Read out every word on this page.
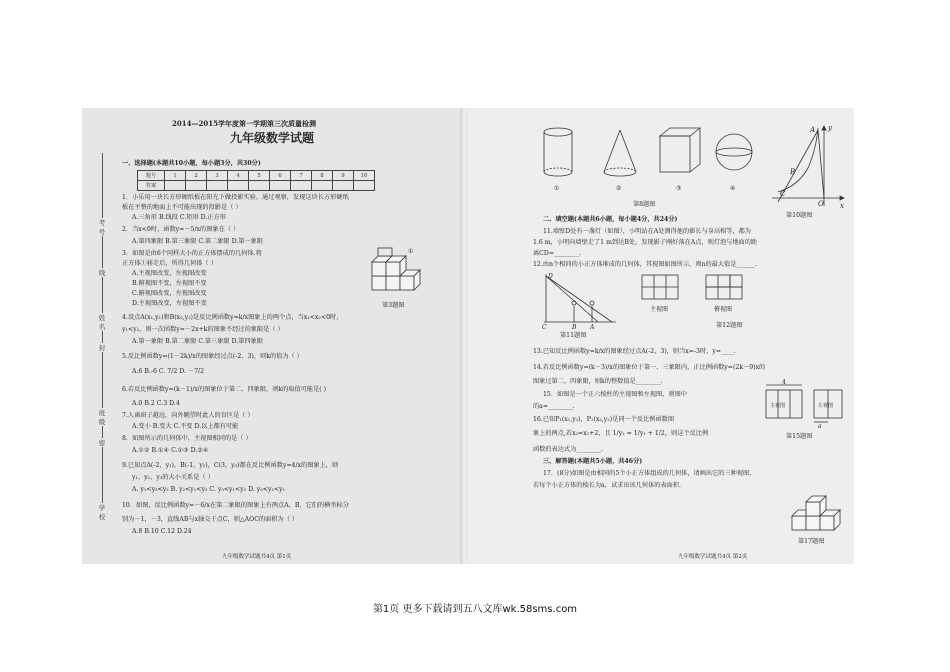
考号
线
姓名
封
班级
密
学校
2014—2015学年度第一学期第三次质量检测
九年级数学试题
一、选择题(本题共10小题，每小题3分，共30分)
题号	1	2	3	4	5	6	7	8	9	10
答案										
1．小乐用一块长方形硬纸板在阳光下做投影实验，通过观察，发现这块长方形硬纸
板在平整的地面上不可能出现的投影是（ ）
A.三角形 B.线段 C.矩形 D.正方形
2．当x<0时，函数y=－5/x的图象在（ ）
A.第四象限 B.第三象限 C.第二象限 D.第一象限
3．如图是由6个同样大小的正方体摆成的几何体.将
正方体①移走后，所得几何体（ ）
A.主视图改变，左视图改变
B.俯视图不变，左视图不变
C.俯视图改变，左视图改变
D.主视图改变，左视图不变
①
第3题图
4.设点A(x₁,y₁)和B(x₂,y₂)是反比例函数y=k/x图象上的两个点，当x₁<x₂<0时，
y₁<y₂，则一次函数y=－2x+k的图象不经过的象限是（ ）
A.第一象限 B.第二象限 C.第三象限 D.第四象限
5.反比例函数y=(1－2k)/x的图象经过点(-2，3)，则k的值为（ ）
A.6 B.-6 C. 7/2 D. －7/2
6.若反比例函数y=(k－1)/x的图象位于第二、四象限，则k的取值可能是( )
A.0 B.2 C.3 D.4
7.人离窗子越远，向外眺望时此人的盲区是（ ）
A.变小 B.变大 C.不变 D.以上都有可能
8．如图所示的几何体中，主视图相同的是（ ）
A.①② B.①④ C.①③ D.②④
9.已知点A(-2，y₁)，B(-1，y₂)，C(3，y₃)都在反比例函数y=4/x的图象上，则
y₁、y₂、y₃的大小关系是（ ）
A. y₁<y₃<y₂ B. y₂<y₁<y₃ C. y₃<y₁<y₂ D. y₃<y₂<y₁
10．如图，反比例函数y=－6/x在第二象限的图象上有两点A、B，它们的横坐标分
别为－1，－3，直线AB与x轴交于点C，则△AOC的面积为（ ）
A.8 B.10 C.12 D.24
九年级数学试题共4页 第1页
①	②	③	④
第8题图
A y
B
C
O x
第10题图
二、填空题(本题共6小题，每小题4分，共24分)
11.墙壁D处有一盏灯（如图），小明站在A处测得他的影长与身高相等，都为
1.6 m，小明向墙壁走了1 m到达B处，发现影子刚好落在A点，则灯泡与地面的距
离CD=________.
12.由n个相同的小正方体堆成的几何体，其视图如图所示，则n的最大值是______.
D
C	B A
第11题图
主视图	俯视图
第12题图
13.已知反比例函数y=k/x的图象经过点A(-2，3)，则当x=-3时，y=____.
14.若反比例函数y=(k－3)/x的图象位于第一、三象限内，正比例函数y=(2k－9)x的
图象过第二、四象限，则k的整数值是________.
15．如图是一个正六棱柱的主视图和左视图，则图中
的a=________.
16.已知P₁(x₁,y₁)，P₂(x₂,y₂)是同一个反比例函数图
象上的两点,若x₂=x₁+2，且 1/y₂ = 1/y₁ + 1/2，则这个反比例
函数的表达式为________.
三、解答题(本题共5小题，共46分)
17．(8分)如图是由相同的5个小正方体组成的几何体，请画出它的三种视图，
若每个小正方体的棱长为a，试求出该几何体的表面积.
4
a
主视图	左视图
第15题图
第17题图
九年级数学试题共4页 第2页
第1页 更多下载请到五八文库wk.58sms.com
